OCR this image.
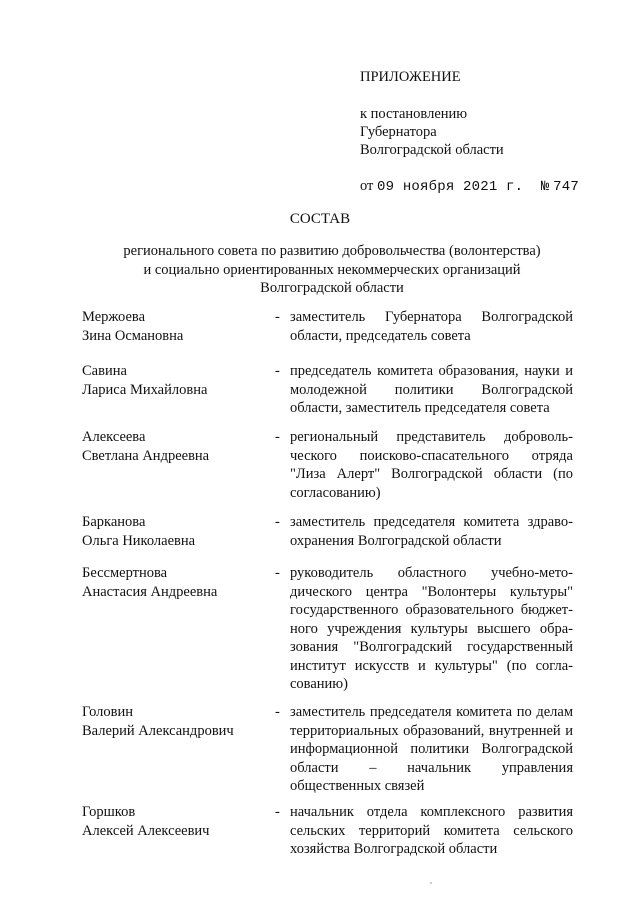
ПРИЛОЖЕНИЕ
к постановлению
Губернатора
Волгоградской области
от 09 ноября 2021 г. № 747
СОСТАВ
регионального совета по развитию добровольчества (волонтерства)
и социально ориентированных некоммерческих организаций
Волгоградской области
Мержоева
Зина Османовна
- заместитель Губернатора Волгоградской области, председатель совета
Савина
Лариса Михайловна
- председатель комитета образования, науки и молодежной политики Волгоградской области, заместитель председателя совета
Алексеева
Светлана Андреевна
- региональный представитель добровольческого поисково-спасательного отряда "Лиза Алерт" Волгоградской области (по согласованию)
Барканова
Ольга Николаевна
- заместитель председателя комитета здравоохранения Волгоградской области
Бессмертнова
Анастасия Андреевна
- руководитель областного учебно-методического центра "Волонтеры культуры" государственного образовательного бюджетного учреждения культуры высшего образования "Волгоградский государственный институт искусств и культуры" (по согласованию)
Головин
Валерий Александрович
- заместитель председателя комитета по делам территориальных образований, внутренней и информационной политики Волгоградской области – начальник управления общественных связей
Горшков
Алексей Алексеевич
- начальник отдела комплексного развития сельских территорий комитета сельского хозяйства Волгоградской области
